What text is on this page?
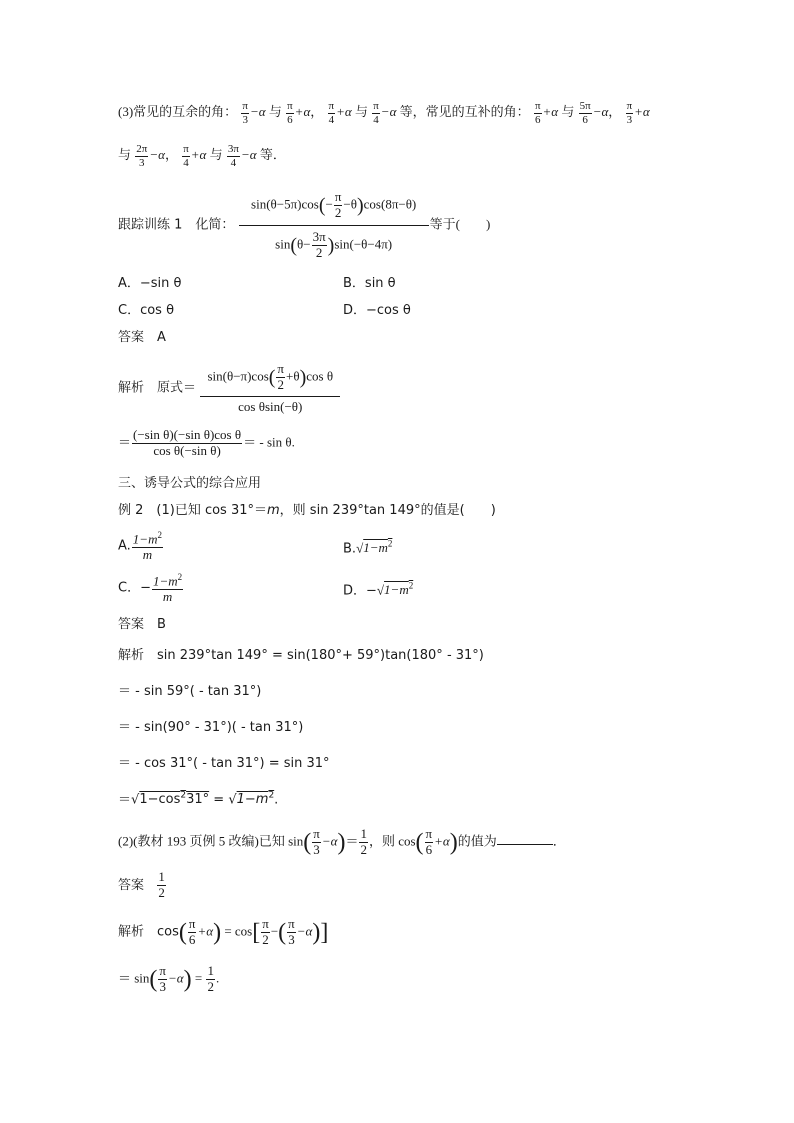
(3)常见的互余的角： $\frac{\pi}{3} -\alpha$ 与 $\frac{\pi}{6} +\alpha$， $\frac{\pi}{4} +\alpha$ 与 $\frac{\pi}{4} -\alpha$ 等，常见的互补的角： $\frac{\pi}{6} +\alpha$ 与 $\frac{5\pi}{6} -\alpha$， $\frac{\pi}{3} +\alpha$
与 $\frac{2\pi}{3} -\alpha$， $\frac{\pi}{4} +\alpha$ 与 $\frac{3\pi}{4} -\alpha$ 等．
跟踪训练 1　化简： $\frac{\sin(\theta-5\pi)\cos(- \frac{\pi}{2} -\theta)\cos(8\pi-\theta)}{\sin(\theta- \frac{3\pi}{2} )\sin(-\theta-4\pi)}$ 等于(　　)
A．−sin θ	B．sin θ
C．cos θ	D．−cos θ
答案　A
解析　原式＝ $\frac{\sin(\theta-\pi)\cos( \frac{\pi}{2} +\theta)\cos \theta}{\text{cos θsin(−θ)}}$
＝ $\frac{\text{(−sin θ)(−sin θ)cos θ}}{\text{cos θ(−sin θ)}}$ ＝ - sin θ.
三、诱导公式的综合应用
例 2　(1)已知 cos 31°＝m，则 sin 239°tan 149°的值是(　　)
A. $\frac{1-m^2}{m}$	$B.√1-m^2$
C．− $\frac{1-m^2}{m}$	D．$-√1-m^2$
答案　B
解析　sin 239°tan 149° = sin(180°+ 59°)tan(180° - 31°)
＝ - sin 59°( - tan 31°)
＝ - sin(90° - 31°)( - tan 31°)
＝ - cos 31°( - tan 31°) = sin 31°
$=√1-\cos^231^\circ = √1-m^2$.
(2)(教材 193 页例 5 改编)已知 $\sin( \frac{\pi}{3} -\alpha)= \frac{1}{2}$ ，则 $\cos( \frac{\pi}{6} +\alpha)$的值为	．
答案 $\frac{1}{2}$
解析　$\cos( \frac{\pi}{6} +\alpha) = \cos[ \frac{\pi}{2}$ −( $\frac{\pi}{3} -\alpha$)]
＝ $\sin( \frac{\pi}{3} -\alpha) = \frac{1}{2}$ .
